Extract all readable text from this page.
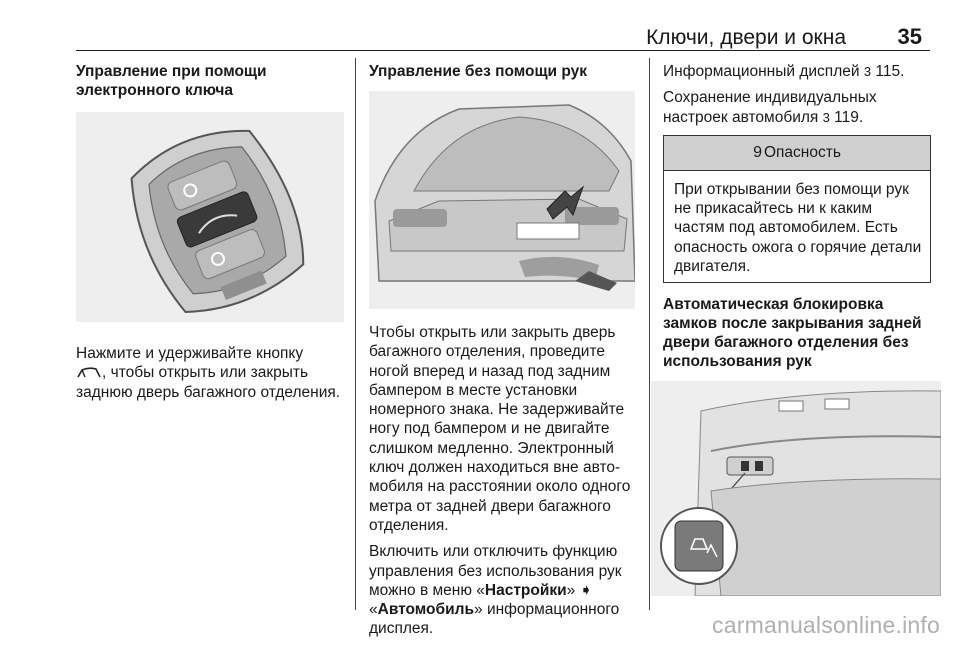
Ключи, двери и окна 35
Управление при помощи электронного ключа

Нажмите и удерживайте кнопку
, чтобы открыть или закрыть заднюю дверь багажного отделения.

Управление без помощи рук

Чтобы открыть или закрыть дверь багажного отделения, проведите ногой вперед и назад под задним бампером в месте установки номерного знака. Не задерживайте ногу под бампером и не двигайте слишком медленно. Электронный ключ должен находиться вне автомобиля на расстоянии около одного метра от задней двери багажного отделения.

Включить или отключить функцию управления без использования рук можно в меню «Настройки» ➧
«Автомобиль» информационного дисплея.

Информационный дисплей 3 115.

Сохранение индивидуальных настроек автомобиля 3 119.

9 Опасность
При открывании без помощи рук не прикасайтесь ни к каким частям под автомобилем. Есть опасность ожога о горячие детали двигателя.
Автоматическая блокировка замков после закрывания задней двери багажного отделения без использования рук
carmanualsonline.info
